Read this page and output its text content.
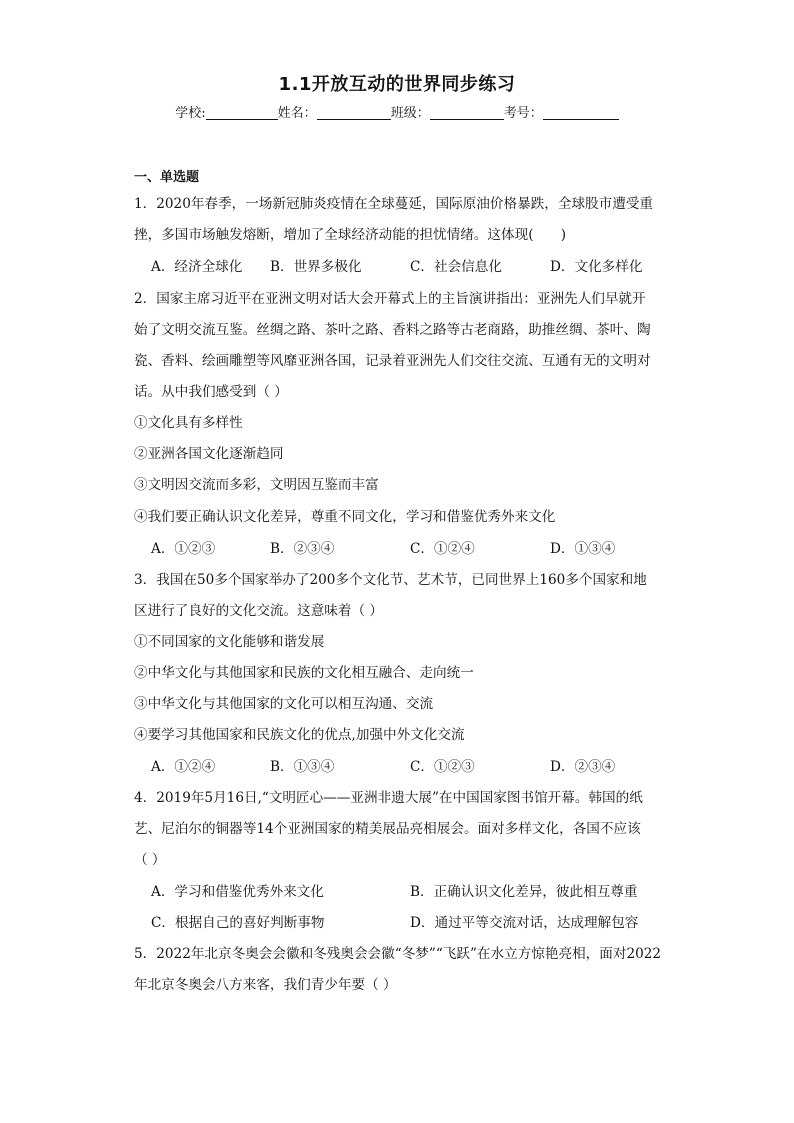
1.1开放互动的世界同步练习
学校:	姓名：	班级：	考号：
一、单选题
1．2020年春季，一场新冠肺炎疫情在全球蔓延，国际原油价格暴跌，全球股市遭受重
挫，多国市场触发熔断，增加了全球经济动能的担忧情绪。这体现(　　)
A．经济全球化 B．世界多极化	C．社会信息化	D．文化多样化
2．国家主席习近平在亚洲文明对话大会开幕式上的主旨演讲指出：亚洲先人们早就开
始了文明交流互鉴。丝绸之路、茶叶之路、香料之路等古老商路，助推丝绸、茶叶、陶
瓷、香料、绘画雕塑等风靡亚洲各国，记录着亚洲先人们交往交流、互通有无的文明对
话。从中我们感受到（ ）
①文化具有多样性
②亚洲各国文化逐渐趋同
③文明因交流而多彩，文明因互鉴而丰富
④我们要正确认识文化差异，尊重不同文化，学习和借鉴优秀外来文化
A．①②③	B．②③④	C．①②④	D．①③④
3．我国在50多个国家举办了200多个文化节、艺术节，已同世界上160多个国家和地
区进行了良好的文化交流。这意味着（ ）
①不同国家的文化能够和谐发展
②中华文化与其他国家和民族的文化相互融合、走向统一
③中华文化与其他国家的文化可以相互沟通、交流
④要学习其他国家和民族文化的优点,加强中外文化交流
A．①②④	B．①③④	C．①②③	D．②③④
4．2019年5月16日,“文明匠心——亚洲非遗大展”在中国国家图书馆开幕。韩国的纸
艺、尼泊尔的铜器等14个亚洲国家的精美展品亮相展会。面对多样文化，各国不应该
（ ）
A．学习和借鉴优秀外来文化	B．正确认识文化差异，彼此相互尊重
C．根据自己的喜好判断事物	D．通过平等交流对话，达成理解包容
5．2022年北京冬奥会会徽和冬残奥会会徽“冬梦”“飞跃”在水立方惊艳亮相，面对2022
年北京冬奥会八方来客，我们青少年要（ ）
